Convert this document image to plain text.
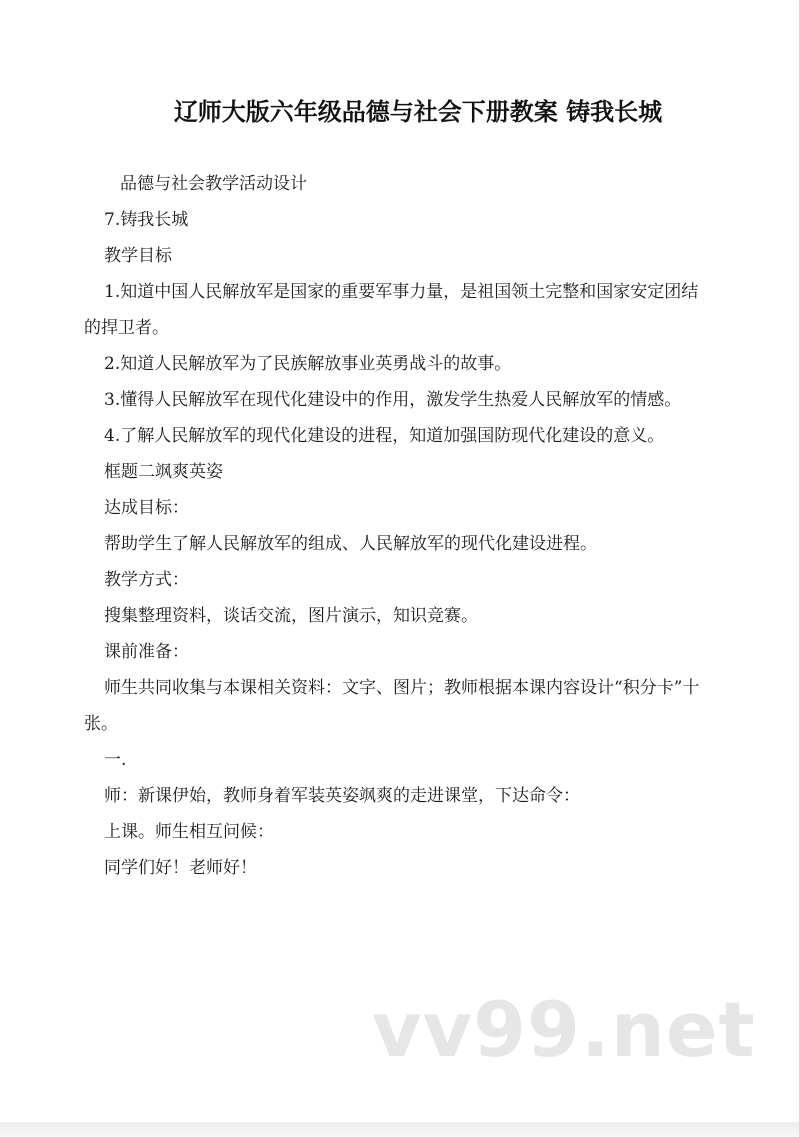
辽师大版六年级品德与社会下册教案 铸我长城

品德与社会教学活动设计

7.铸我长城

教学目标

1.知道中国人民解放军是国家的重要军事力量，是祖国领土完整和国家安定团结的捍卫者。

2.知道人民解放军为了民族解放事业英勇战斗的故事。

3.懂得人民解放军在现代化建设中的作用，激发学生热爱人民解放军的情感。

4.了解人民解放军的现代化建设的进程，知道加强国防现代化建设的意义。

框题二飒爽英姿

达成目标：

帮助学生了解人民解放军的组成、人民解放军的现代化建设进程。

教学方式：

搜集整理资料，谈话交流，图片演示，知识竞赛。

课前准备：

师生共同收集与本课相关资料：文字、图片；教师根据本课内容设计“积分卡”十张。

一.

师：新课伊始，教师身着军装英姿飒爽的走进课堂，下达命令：

上课。师生相互问候：

同学们好！老师好！

vv99.net
